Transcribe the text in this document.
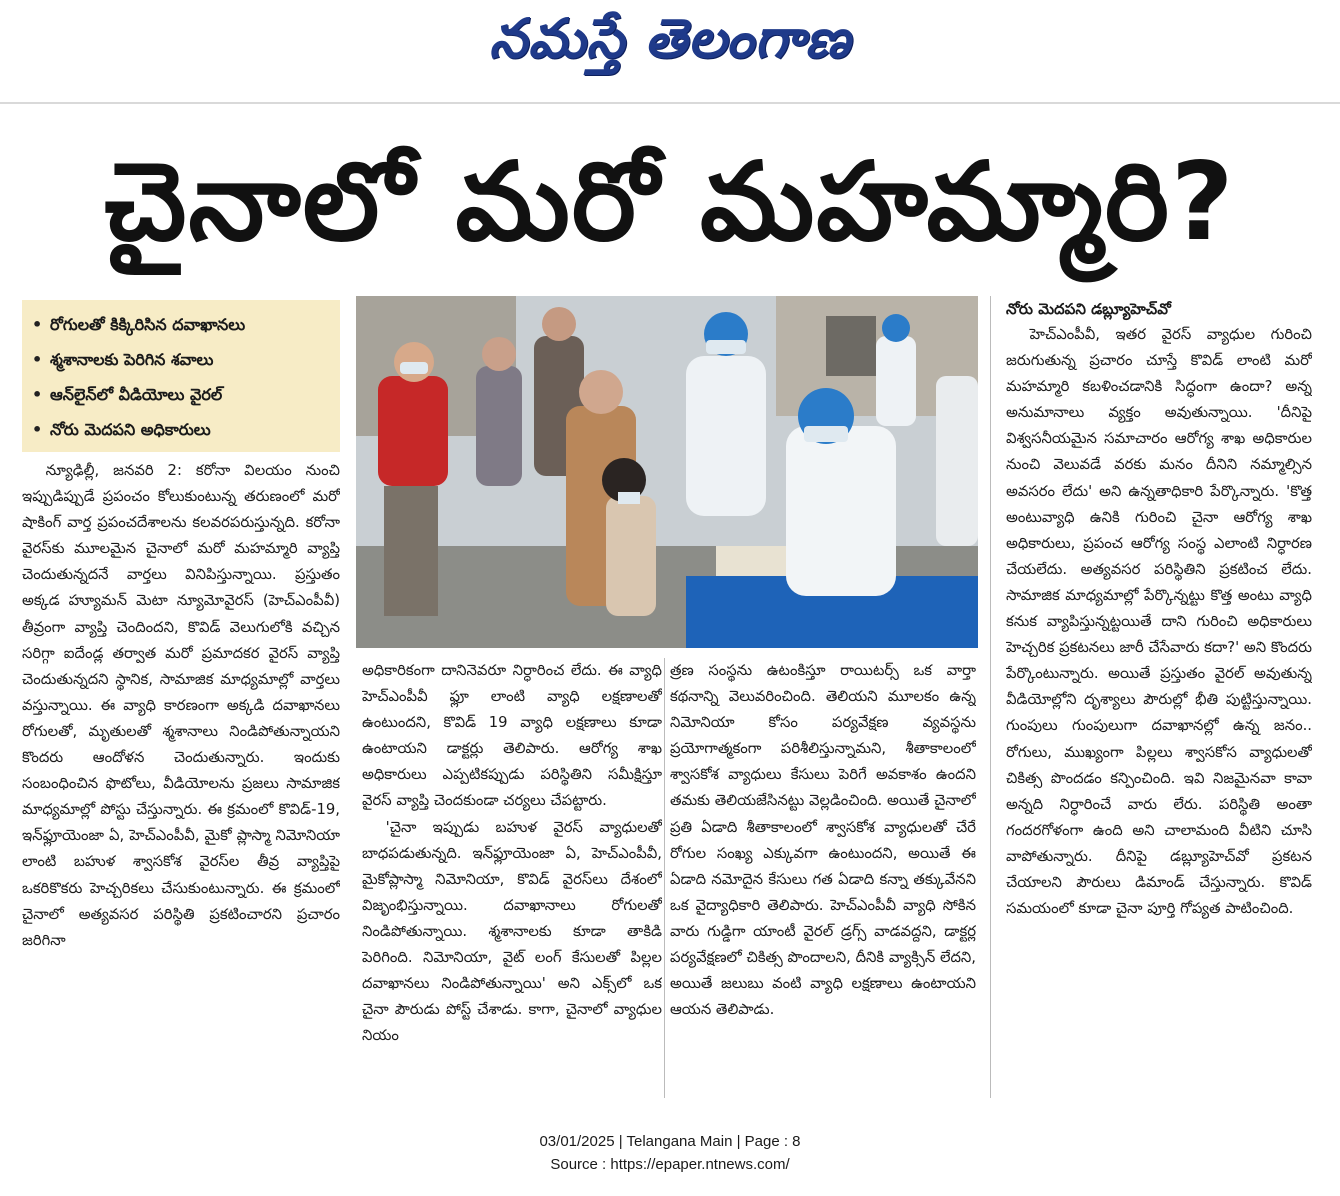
నమస్తే తెలంగాణ
చైనాలో మరో మహమ్మారి?
• రోగులతో కిక్కిరిసిన దవాఖానలు
• శ్మశానాలకు పెరిగిన శవాలు
• ఆన్‌లైన్‌లో వీడియోలు వైరల్
• నోరు మెదపని అధికారులు

న్యూఢిల్లీ, జనవరి 2: కరోనా విలయం నుంచి ఇప్పుడిప్పుడే ప్రపంచం కోలుకుంటున్న తరుణంలో మరో షాకింగ్ వార్త ప్రపంచదేశాలను కలవరపరుస్తున్నది. కరోనా వైరస్‌కు మూలమైన చైనాలో మరో మహమ్మారి వ్యాప్తి చెందుతున్నదనే వార్తలు వినిపిస్తున్నాయి. ప్రస్తుతం అక్కడ హ్యూమన్ మెటా న్యూమోవైరస్ (హెచ్‌ఎంపీవీ) తీవ్రంగా వ్యాప్తి చెందిందని, కొవిడ్ వెలుగులోకి వచ్చిన సరిగ్గా ఐదేండ్ల తర్వాత మరో ప్రమాదకర వైరస్ వ్యాప్తి చెందుతున్నదని స్థానిక, సామాజిక మాధ్యమాల్లో వార్తలు వస్తున్నాయి. ఈ వ్యాధి కారణంగా అక్కడి దవాఖానలు రోగులతో, మృతులతో శ్మశానాలు నిండిపోతున్నాయని కొందరు ఆందోళన చెందుతున్నారు. ఇందుకు సంబంధించిన ఫొటోలు, వీడియోలను ప్రజలు సామాజిక మాధ్యమాల్లో పోస్టు చేస్తున్నారు. ఈ క్రమంలో కొవిడ్-19, ఇన్‌ఫ్లూయెంజా ఏ, హెచ్‌ఎంపీవీ, మైకో ప్లాస్మా నిమోనియా లాంటి బహుళ శ్వాసకోశ వైరస్‌ల తీవ్ర వ్యాప్తిపై ఒకరికొకరు హెచ్చరికలు చేసుకుంటున్నారు. ఈ క్రమంలో చైనాలో అత్యవసర పరిస్థితి ప్రకటించారని ప్రచారం జరిగినా

అధికారికంగా దానినెవరూ నిర్ధారించ లేదు. ఈ వ్యాధి హెచ్‌ఎంపీవీ ఫ్లూ లాంటి వ్యాధి లక్షణాలతో ఉంటుందని, కొవిడ్ 19 వ్యాధి లక్షణాలు కూడా ఉంటాయని డాక్టర్లు తెలిపారు. ఆరోగ్య శాఖ అధికారులు ఎప్పటికప్పుడు పరిస్థితిని సమీక్షిస్తూ వైరస్ వ్యాప్తి చెందకుండా చర్యలు చేపట్టారు.

'చైనా ఇప్పుడు బహుళ వైరస్ వ్యాధులతో బాధపడుతున్నది. ఇన్‌ఫ్లూయెంజా ఏ, హెచ్‌ఎంపీవీ, మైకోప్లాస్మా నిమోనియా, కొవిడ్ వైరస్‌లు దేశంలో విజృంభిస్తున్నాయి. దవాఖానాలు రోగులతో నిండిపోతున్నాయి. శ్మశానాలకు కూడా తాకిడి పెరిగింది. నిమోనియా, వైట్ లంగ్ కేసులతో పిల్లల దవాఖానలు నిండిపోతున్నాయి' అని ఎక్స్‌లో ఒక చైనా పౌరుడు పోస్ట్ చేశాడు. కాగా, చైనాలో వ్యాధుల నియం

త్రణ సంస్థను ఉటంకిస్తూ రాయిటర్స్ ఒక వార్తా కథనాన్ని వెలువరించింది. తెలియని మూలకం ఉన్న నిమోనియా కోసం పర్యవేక్షణ వ్యవస్థను ప్రయోగాత్మకంగా పరిశీలిస్తున్నామని, శీతాకాలంలో శ్వాసకోశ వ్యాధులు కేసులు పెరిగే అవకాశం ఉందని తమకు తెలియజేసినట్టు వెల్లడించింది. అయితే చైనాలో ప్రతి ఏడాది శీతాకాలంలో శ్వాసకోశ వ్యాధులతో చేరే రోగుల సంఖ్య ఎక్కువగా ఉంటుందని, అయితే ఈ ఏడాది నమోదైన కేసులు గత ఏడాది కన్నా తక్కువేనని ఒక వైద్యాధికారి తెలిపారు. హెచ్‌ఎంపీవీ వ్యాధి సోకిన వారు గుడ్డిగా యాంటీ వైరల్ డ్రగ్స్ వాడవద్దని, డాక్టర్ల పర్యవేక్షణలో చికిత్స పొందాలని, దీనికి వ్యాక్సిన్ లేదని, అయితే జలుబు వంటి వ్యాధి లక్షణాలు ఉంటాయని ఆయన తెలిపాడు.

నోరు మెదపని డబ్ల్యూహెచ్‌వో

హెచ్‌ఎంపీవీ, ఇతర వైరస్ వ్యాధుల గురించి జరుగుతున్న ప్రచారం చూస్తే కొవిడ్ లాంటి మరో మహమ్మారి కబళించడానికి సిద్ధంగా ఉందా? అన్న అనుమానాలు వ్యక్తం అవుతున్నాయి. 'దీనిపై విశ్వసనీయమైన సమాచారం ఆరోగ్య శాఖ అధికారుల నుంచి వెలువడే వరకు మనం దీనిని నమ్మాల్సిన అవసరం లేదు' అని ఉన్నతాధికారి పేర్కొన్నారు. 'కొత్త అంటువ్యాధి ఉనికి గురించి చైనా ఆరోగ్య శాఖ అధికారులు, ప్రపంచ ఆరోగ్య సంస్థ ఎలాంటి నిర్ధారణ చేయలేదు. అత్యవసర పరిస్థితిని ప్రకటించ లేదు. సామాజిక మాధ్యమాల్లో పేర్కొన్నట్టు కొత్త అంటు వ్యాధి కనుక వ్యాపిస్తున్నట్టయితే దాని గురించి అధికారులు హెచ్చరిక ప్రకటనలు జారీ చేసేవారు కదా?' అని కొందరు పేర్కొంటున్నారు. అయితే ప్రస్తుతం వైరల్ అవుతున్న వీడియోల్లోని దృశ్యాలు పౌరుల్లో భీతి పుట్టిస్తున్నాయి. గుంపులు గుంపులుగా దవాఖానల్లో ఉన్న జనం.. రోగులు, ముఖ్యంగా పిల్లలు శ్వాసకోస వ్యాధులతో చికిత్స పొందడం కన్పించింది. ఇవి నిజమైనవా కావా అన్నది నిర్ధారించే వారు లేరు. పరిస్థితి అంతా గందరగోళంగా ఉంది అని చాలామంది వీటిని చూసి వాపోతున్నారు. దీనిపై డబ్ల్యూహెచ్‌వో ప్రకటన చేయాలని పౌరులు డిమాండ్ చేస్తున్నారు. కొవిడ్ సమయంలో కూడా చైనా పూర్తి గోప్యత పాటించింది.

03/01/2025 | Telangana Main | Page : 8
Source : https://epaper.ntnews.com/
